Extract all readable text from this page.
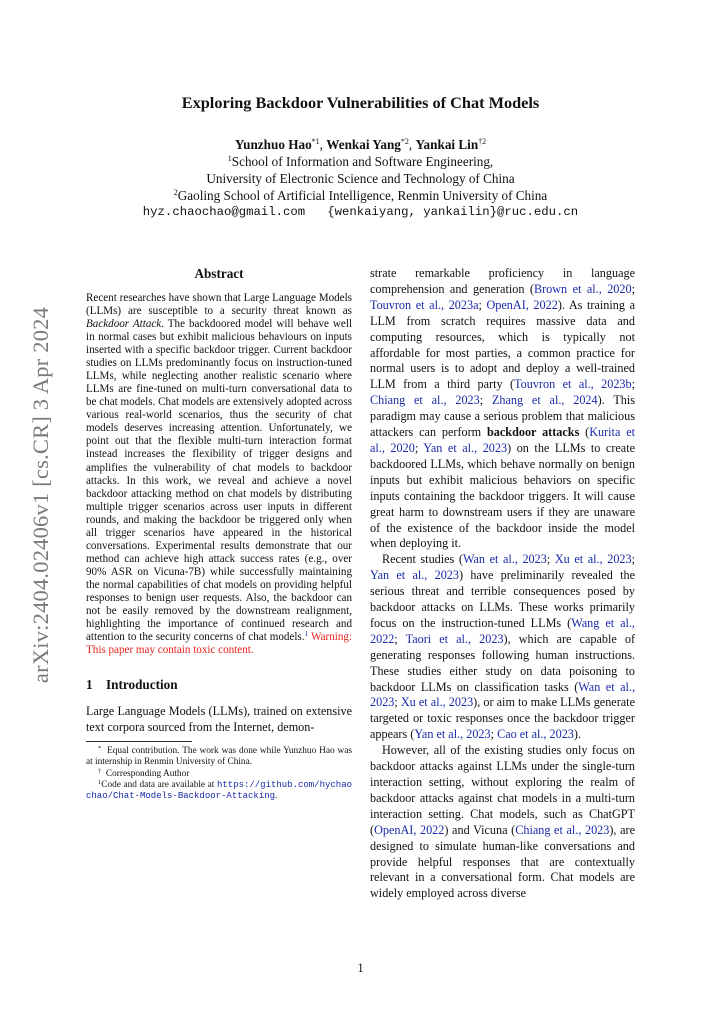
arXiv:2404.02406v1 [cs.CR] 3 Apr 2024
Exploring Backdoor Vulnerabilities of Chat Models
Yunzhuo Hao$^{*1}$, Wenkai Yang$^{*2}$, Yankai Lin$^{\dagger 2}$
$^1$School of Information and Software Engineering,
University of Electronic Science and Technology of China
$^2$Gaoling School of Artificial Intelligence, Renmin University of China
hyz.chaochao@gmail.com   {wenkaiyang, yankailin}@ruc.edu.cn
Abstract

Recent researches have shown that Large Language Models (LLMs) are susceptible to a security threat known as Backdoor Attack. The backdoored model will behave well in normal cases but exhibit malicious behaviours on inputs inserted with a specific backdoor trigger. Current backdoor studies on LLMs predominantly focus on instruction-tuned LLMs, while neglecting another realistic scenario where LLMs are fine-tuned on multi-turn conversational data to be chat models. Chat models are extensively adopted across various real-world scenarios, thus the security of chat models deserves increasing attention. Unfortunately, we point out that the flexible multi-turn interaction format instead increases the flexibility of trigger designs and amplifies the vulnerability of chat models to backdoor attacks. In this work, we reveal and achieve a novel backdoor attacking method on chat models by distributing multiple trigger scenarios across user inputs in different rounds, and making the backdoor be triggered only when all trigger scenarios have appeared in the historical conversations. Experimental results demonstrate that our method can achieve high attack success rates (e.g., over 90% ASR on Vicuna-7B) while successfully maintaining the normal capabilities of chat models on providing helpful responses to benign user requests. Also, the backdoor can not be easily removed by the downstream realignment, highlighting the importance of continued research and attention to the security concerns of chat models.$^1$ Warning: This paper may contain toxic content.

1 Introduction

Large Language Models (LLMs), trained on extensive text corpora sourced from the Internet, demon-

* Equal contribution. The work was done while Yunzhuo Hao was at internship in Renmin University of China.

† Corresponding Author

$^1$Code and data are available at https://github.com/hychaochao/Chat-Models-Backdoor-Attacking.

strate remarkable proficiency in language comprehension and generation (Brown et al., 2020; Touvron et al., 2023a; OpenAI, 2022). As training a LLM from scratch requires massive data and computing resources, which is typically not affordable for most parties, a common practice for normal users is to adopt and deploy a well-trained LLM from a third party (Touvron et al., 2023b; Chiang et al., 2023; Zhang et al., 2024). This paradigm may cause a serious problem that malicious attackers can perform backdoor attacks (Kurita et al., 2020; Yan et al., 2023) on the LLMs to create backdoored LLMs, which behave normally on benign inputs but exhibit malicious behaviors on specific inputs containing the backdoor triggers. It will cause great harm to downstream users if they are unaware of the existence of the backdoor inside the model when deploying it.

Recent studies (Wan et al., 2023; Xu et al., 2023; Yan et al., 2023) have preliminarily revealed the serious threat and terrible consequences posed by backdoor attacks on LLMs. These works primarily focus on the instruction-tuned LLMs (Wang et al., 2022; Taori et al., 2023), which are capable of generating responses following human instructions. These studies either study on data poisoning to backdoor LLMs on classification tasks (Wan et al., 2023; Xu et al., 2023), or aim to make LLMs generate targeted or toxic responses once the backdoor trigger appears (Yan et al., 2023; Cao et al., 2023).

However, all of the existing studies only focus on backdoor attacks against LLMs under the single-turn interaction setting, without exploring the realm of backdoor attacks against chat models in a multi-turn interaction setting. Chat models, such as ChatGPT (OpenAI, 2022) and Vicuna (Chiang et al., 2023), are designed to simulate human-like conversations and provide helpful responses that are contextually relevant in a conversational form. Chat models are widely employed across diverse

1
